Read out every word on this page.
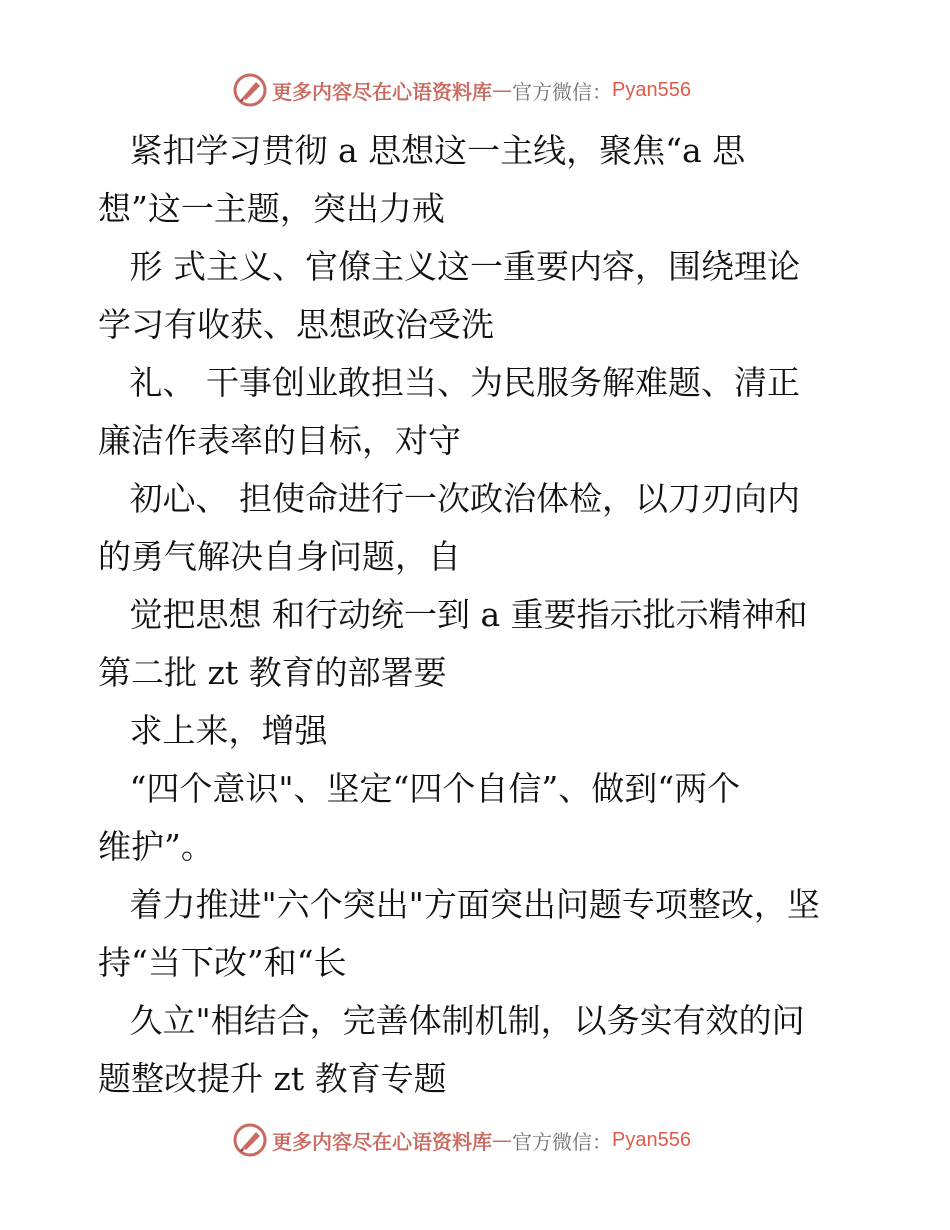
更多内容尽在心语资料库 — 官方微信： Pyan556
紧扣学习贯彻 a 思想这一主线，聚焦“a 思
想”这一主题，突出力戒
形 式主义、官僚主义这一重要内容，围绕理论
学习有收获、思想政治受洗
礼、 干事创业敢担当、为民服务解难题、清正
廉洁作表率的目标，对守
初心、 担使命进行一次政治体检，以刀刃向内
的勇气解决自身问题，自
觉把思想 和行动统一到 a 重要指示批示精神和
第二批 zt 教育的部署要
求上来，增强
“四个意识"、坚定“四个自信”、做到“两个
维护”。
着力推进"六个突出"方面突出问题专项整改，坚
持“当下改”和“长
久立"相结合，完善体制机制，以务实有效的问
题整改提升 zt 教育专题
更多内容尽在心语资料库 — 官方微信： Pyan556
